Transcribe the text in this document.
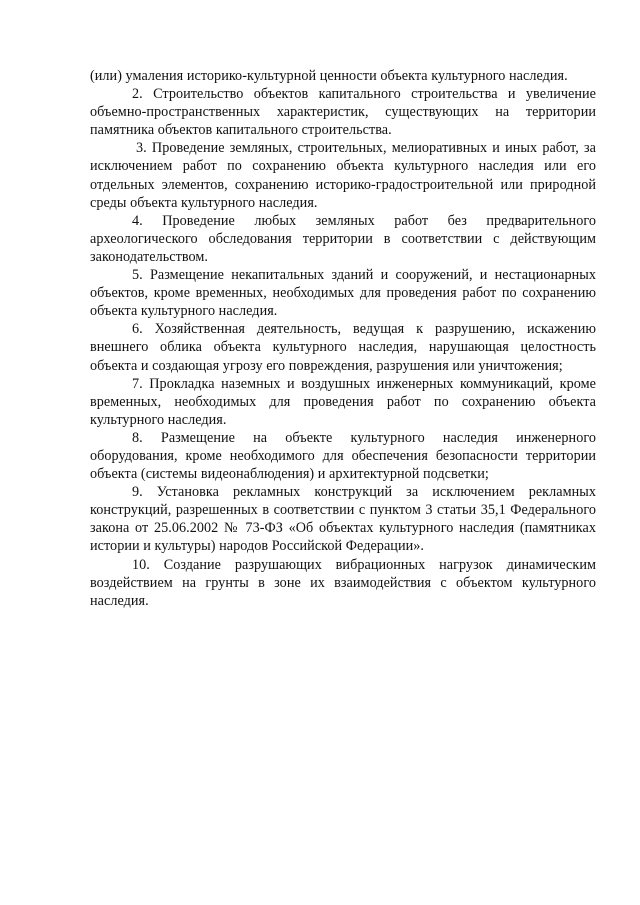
(или) умаления историко-культурной ценности объекта культурного наследия.

2. Строительство объектов капитального строительства и увеличение объемно-пространственных характеристик, существующих на территории памятника объектов капитального строительства.

3. Проведение земляных, строительных, мелиоративных и иных работ, за исключением работ по сохранению объекта культурного наследия или его отдельных элементов, сохранению историко-градостроительной или природной среды объекта культурного наследия.

4. Проведение любых земляных работ без предварительного археологического обследования территории в соответствии с действующим законодательством.

5. Размещение некапитальных зданий и сооружений, и нестационарных объектов, кроме временных, необходимых для проведения работ по сохранению объекта культурного наследия.

6. Хозяйственная деятельность, ведущая к разрушению, искажению внешнего облика объекта культурного наследия, нарушающая целостность объекта и создающая угрозу его повреждения, разрушения или уничтожения;

7. Прокладка наземных и воздушных инженерных коммуникаций, кроме временных, необходимых для проведения работ по сохранению объекта культурного наследия.

8. Размещение на объекте культурного наследия инженерного оборудования, кроме необходимого для обеспечения безопасности территории объекта (системы видеонаблюдения) и архитектурной подсветки;

9. Установка рекламных конструкций за исключением рекламных конструкций, разрешенных в соответствии с пунктом 3 статьи 35,1 Федерального закона от 25.06.2002 № 73-ФЗ «Об объектах культурного наследия (памятниках истории и культуры) народов Российской Федерации».

10. Создание разрушающих вибрационных нагрузок динамическим воздействием на грунты в зоне их взаимодействия с объектом культурного наследия.
